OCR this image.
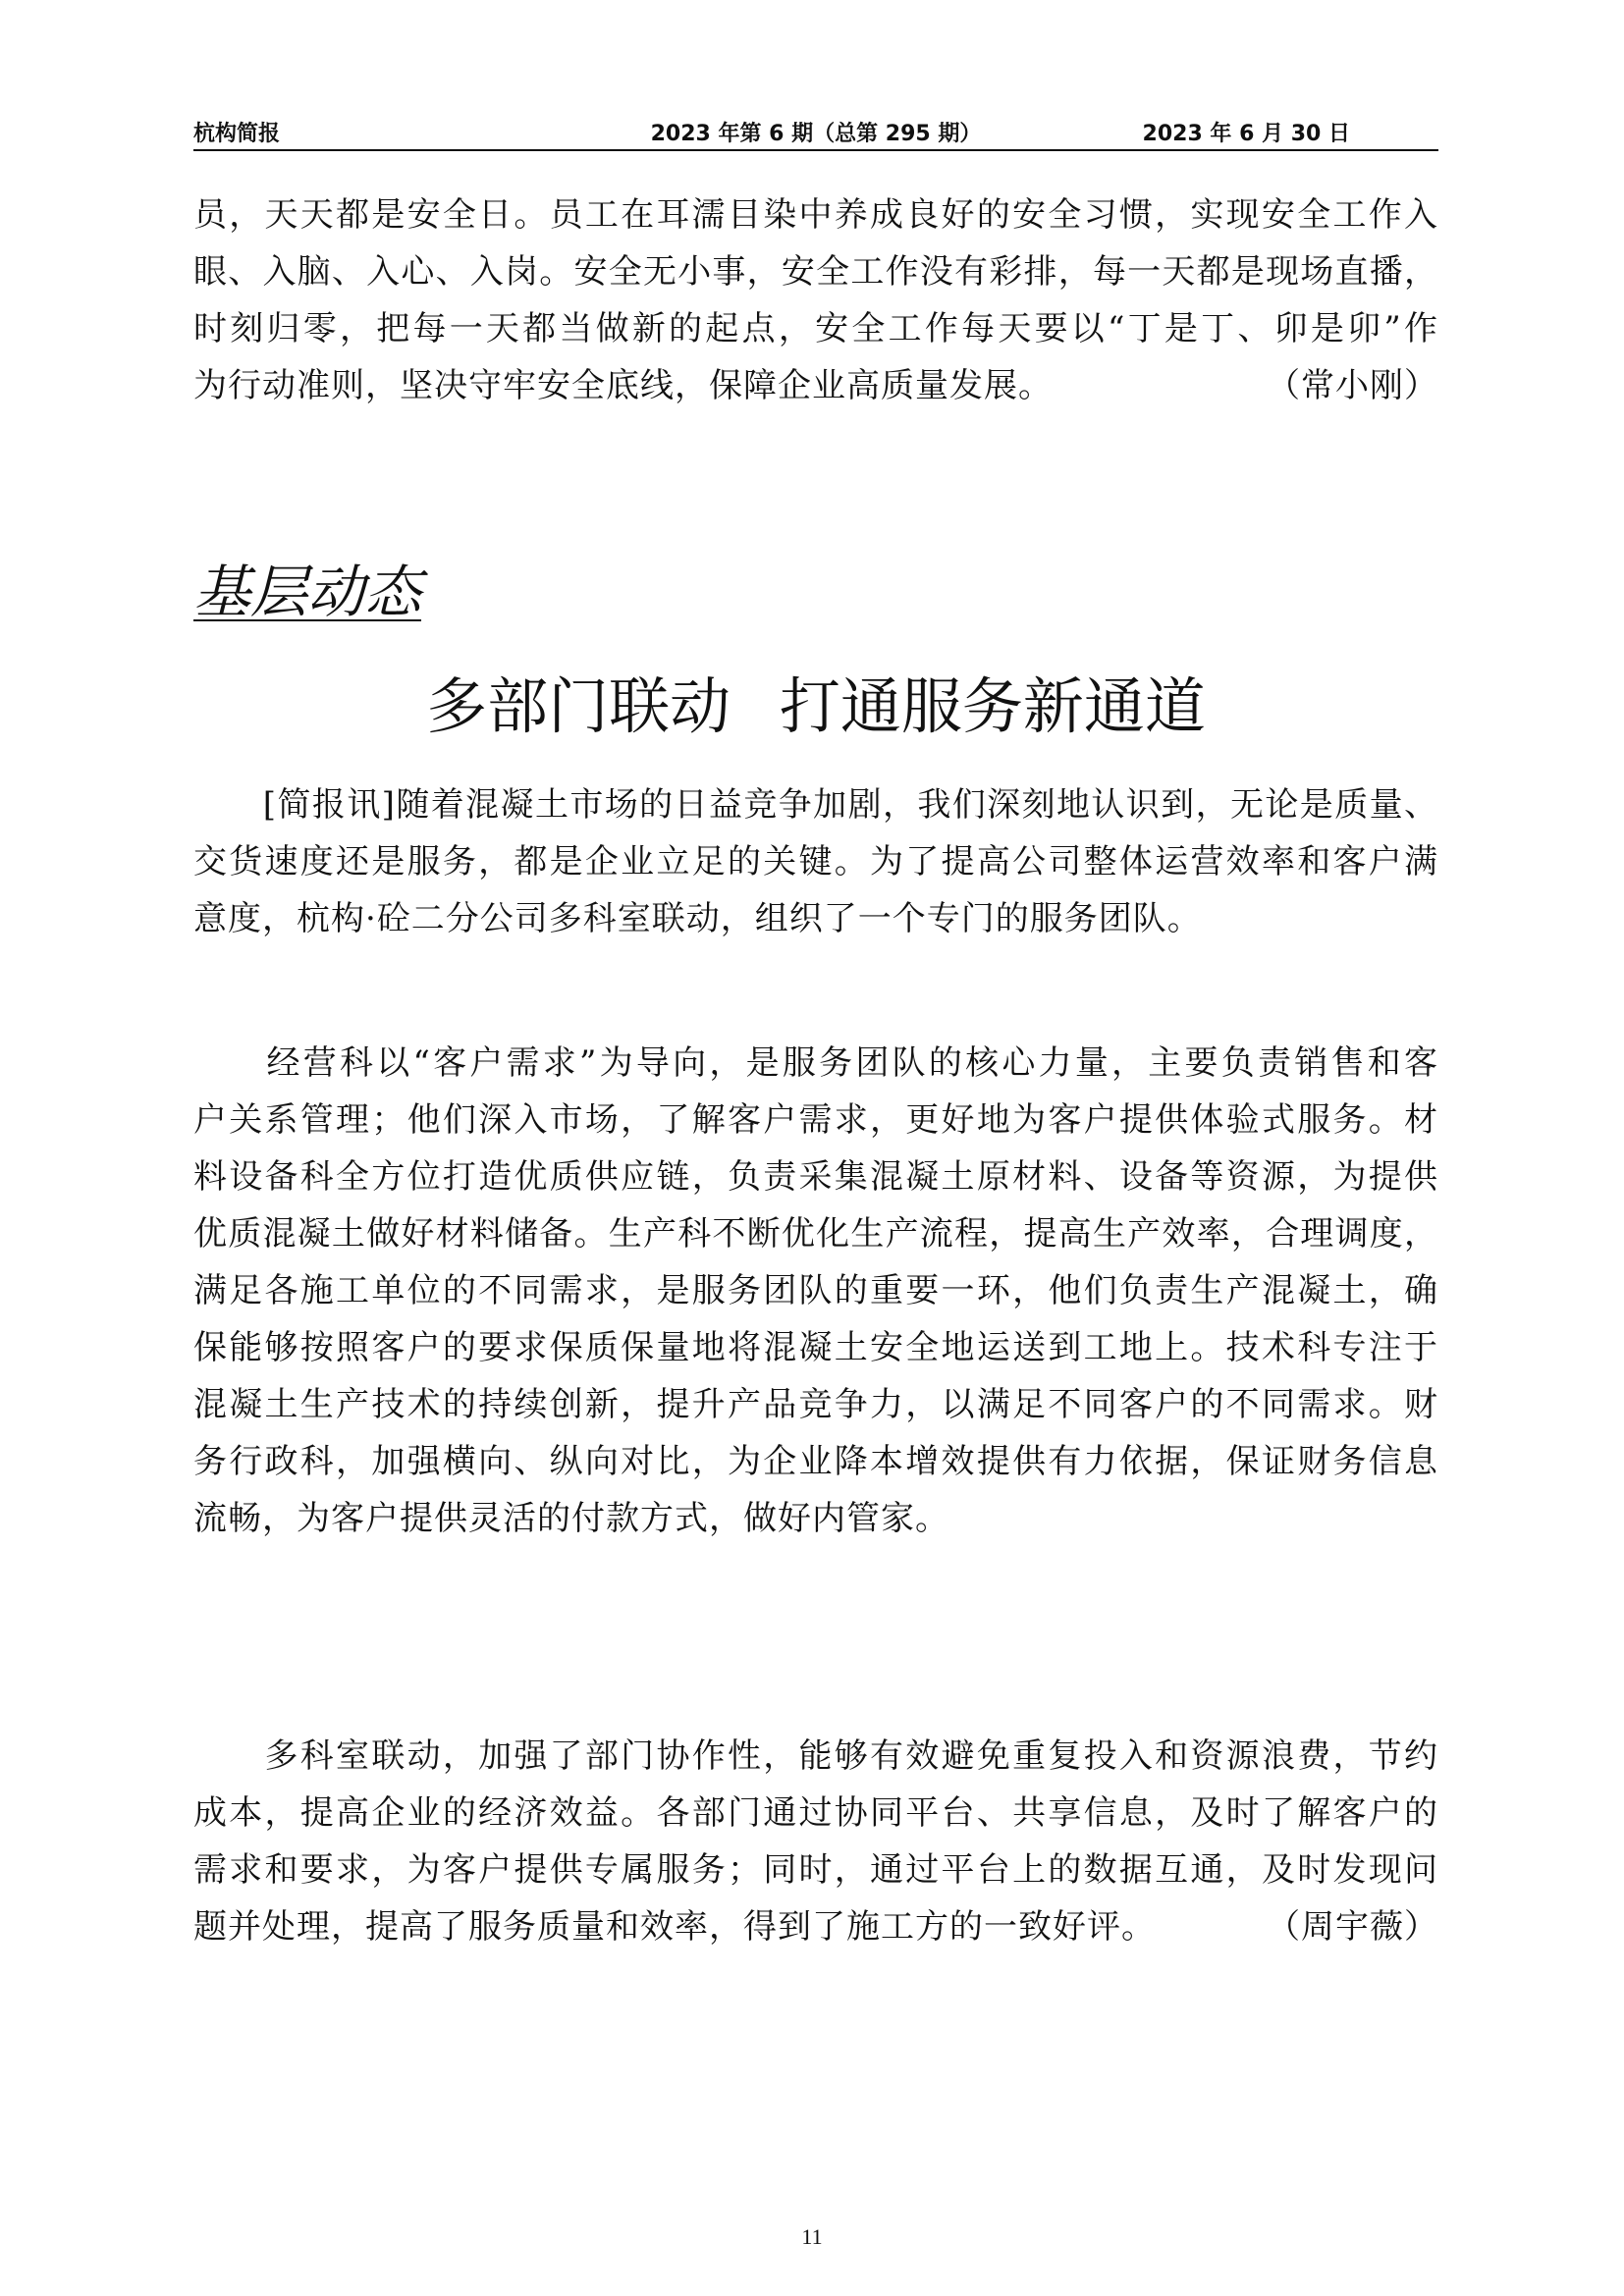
杭构简报	2023 年第 6 期（总第 295 期）	2023 年 6 月 30 日
员，天天都是安全日。员工在耳濡目染中养成良好的安全习惯，实现安全工作入
眼、入脑、入心、入岗。安全无小事，安全工作没有彩排，每一天都是现场直播，
时刻归零，把每一天都当做新的起点，安全工作每天要以“丁是丁、卯是卯”作
为行动准则，坚决守牢安全底线，保障企业高质量发展。	（常小刚）
基层动态
多部门联动 打通服务新通道
　　[简报讯]随着混凝土市场的日益竞争加剧，我们深刻地认识到，无论是质量、
交货速度还是服务，都是企业立足的关键。为了提高公司整体运营效率和客户满
意度，杭构·砼二分公司多科室联动，组织了一个专门的服务团队。
　　经营科以“客户需求”为导向，是服务团队的核心力量，主要负责销售和客
户关系管理；他们深入市场，了解客户需求，更好地为客户提供体验式服务。材
料设备科全方位打造优质供应链，负责采集混凝土原材料、设备等资源，为提供
优质混凝土做好材料储备。生产科不断优化生产流程，提高生产效率，合理调度，
满足各施工单位的不同需求，是服务团队的重要一环，他们负责生产混凝土，确
保能够按照客户的要求保质保量地将混凝土安全地运送到工地上。技术科专注于
混凝土生产技术的持续创新，提升产品竞争力，以满足不同客户的不同需求。财
务行政科，加强横向、纵向对比，为企业降本增效提供有力依据，保证财务信息
流畅，为客户提供灵活的付款方式，做好内管家。
　　多科室联动，加强了部门协作性，能够有效避免重复投入和资源浪费，节约
成本，提高企业的经济效益。各部门通过协同平台、共享信息，及时了解客户的
需求和要求，为客户提供专属服务；同时，通过平台上的数据互通，及时发现问
题并处理，提高了服务质量和效率，得到了施工方的一致好评。	（周宇薇）
11
